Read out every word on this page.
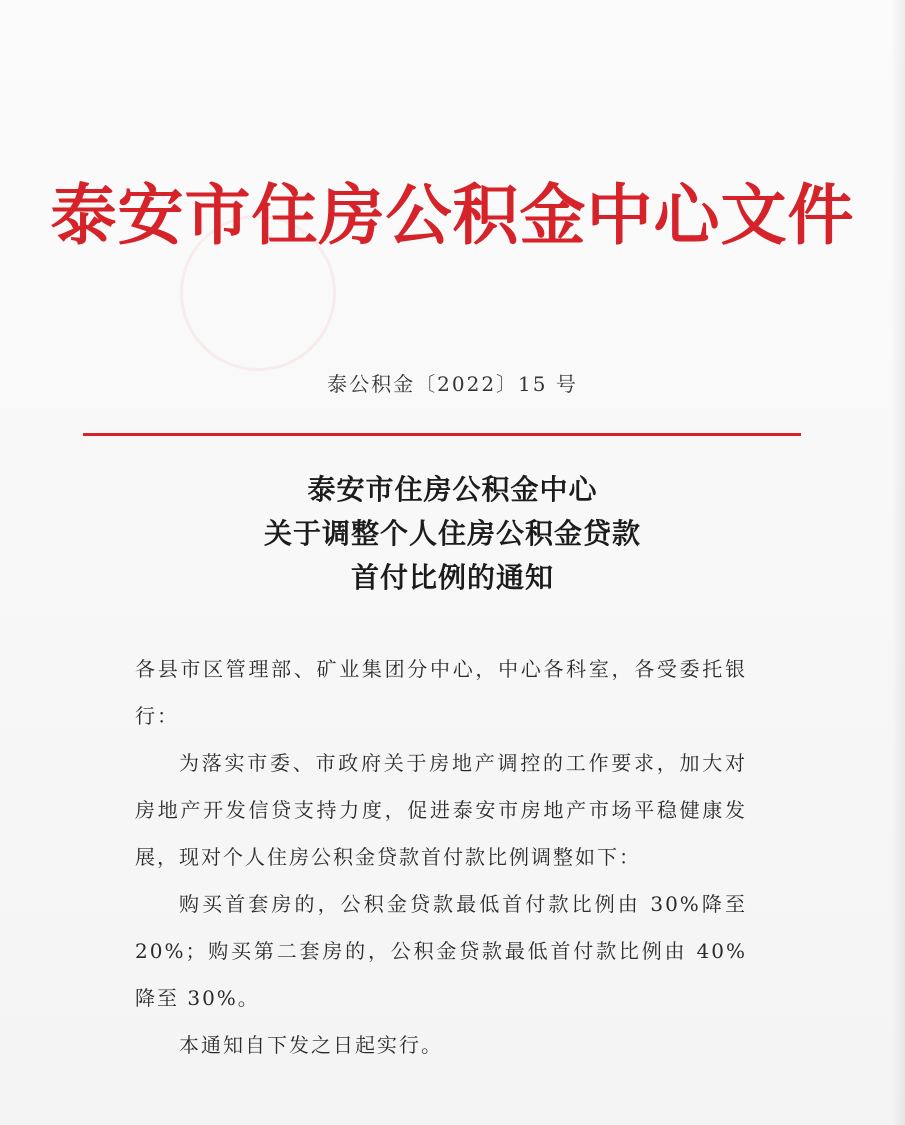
泰安市住房公积金中心文件
泰公积金〔2022〕15 号
泰安市住房公积金中心
关于调整个人住房公积金贷款
首付比例的通知

各县市区管理部、矿业集团分中心，中心各科室，各受委托银行：

为落实市委、市政府关于房地产调控的工作要求，加大对房地产开发信贷支持力度，促进泰安市房地产市场平稳健康发展，现对个人住房公积金贷款首付款比例调整如下：

购买首套房的，公积金贷款最低首付款比例由 30%降至20%；购买第二套房的，公积金贷款最低首付款比例由 40%降至 30%。

本通知自下发之日起实行。
